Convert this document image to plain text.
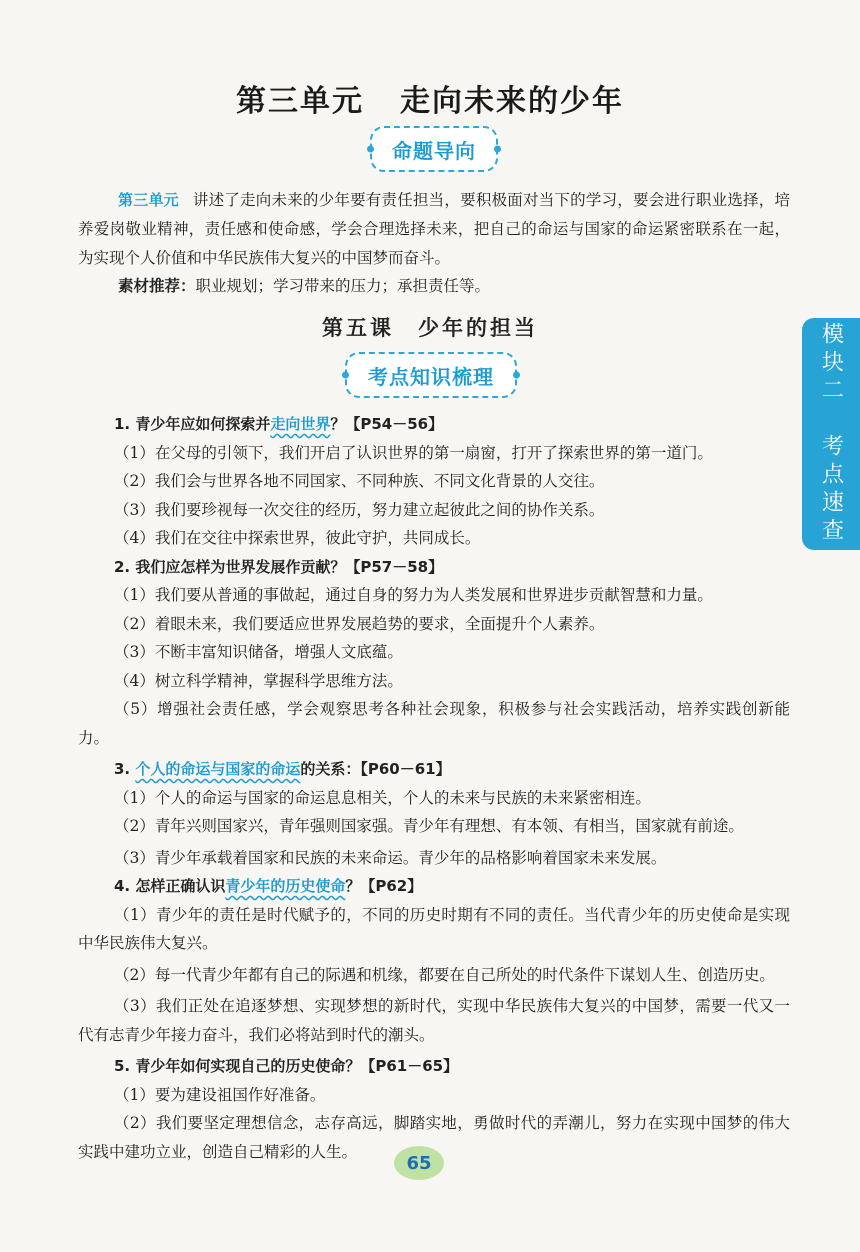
第三单元 走向未来的少年
命题导向
第三单元 讲述了走向未来的少年要有责任担当，要积极面对当下的学习，要会进行职业选择，培养爱岗敬业精神，责任感和使命感，学会合理选择未来，把自己的命运与国家的命运紧密联系在一起，为实现个人价值和中华民族伟大复兴的中国梦而奋斗。
素材推荐：职业规划；学习带来的压力；承担责任等。
第五课　少年的担当
考点知识梳理

1. 青少年应如何探索并走向世界？【P54－56】

（1）在父母的引领下，我们开启了认识世界的第一扇窗，打开了探索世界的第一道门。

（2）我们会与世界各地不同国家、不同种族、不同文化背景的人交往。

（3）我们要珍视每一次交往的经历，努力建立起彼此之间的协作关系。

（4）我们在交往中探索世界，彼此守护，共同成长。

2. 我们应怎样为世界发展作贡献？【P57－58】

（1）我们要从普通的事做起，通过自身的努力为人类发展和世界进步贡献智慧和力量。

（2）着眼未来，我们要适应世界发展趋势的要求，全面提升个人素养。

（3）不断丰富知识储备，增强人文底蕴。

（4）树立科学精神，掌握科学思维方法。

（5）增强社会责任感，学会观察思考各种社会现象，积极参与社会实践活动，培养实践创新能力。

3. 个人的命运与国家的命运的关系：【P60－61】

（1）个人的命运与国家的命运息息相关，个人的未来与民族的未来紧密相连。

（2）青年兴则国家兴，青年强则国家强。青少年有理想、有本领、有相当，国家就有前途。

（3）青少年承载着国家和民族的未来命运。青少年的品格影响着国家未来发展。

4. 怎样正确认识青少年的历史使命？【P62】

（1）青少年的责任是时代赋予的，不同的历史时期有不同的责任。当代青少年的历史使命是实现中华民族伟大复兴。

（2）每一代青少年都有自己的际遇和机缘，都要在自己所处的时代条件下谋划人生、创造历史。

（3）我们正处在追逐梦想、实现梦想的新时代，实现中华民族伟大复兴的中国梦，需要一代又一代有志青少年接力奋斗，我们必将站到时代的潮头。

5. 青少年如何实现自己的历史使命？【P61－65】

（1）要为建设祖国作好准备。

（2）我们要坚定理想信念，志存高远，脚踏实地，勇做时代的弄潮儿，努力在实现中国梦的伟大实践中建功立业，创造自己精彩的人生。

模块二　考点速查
65
